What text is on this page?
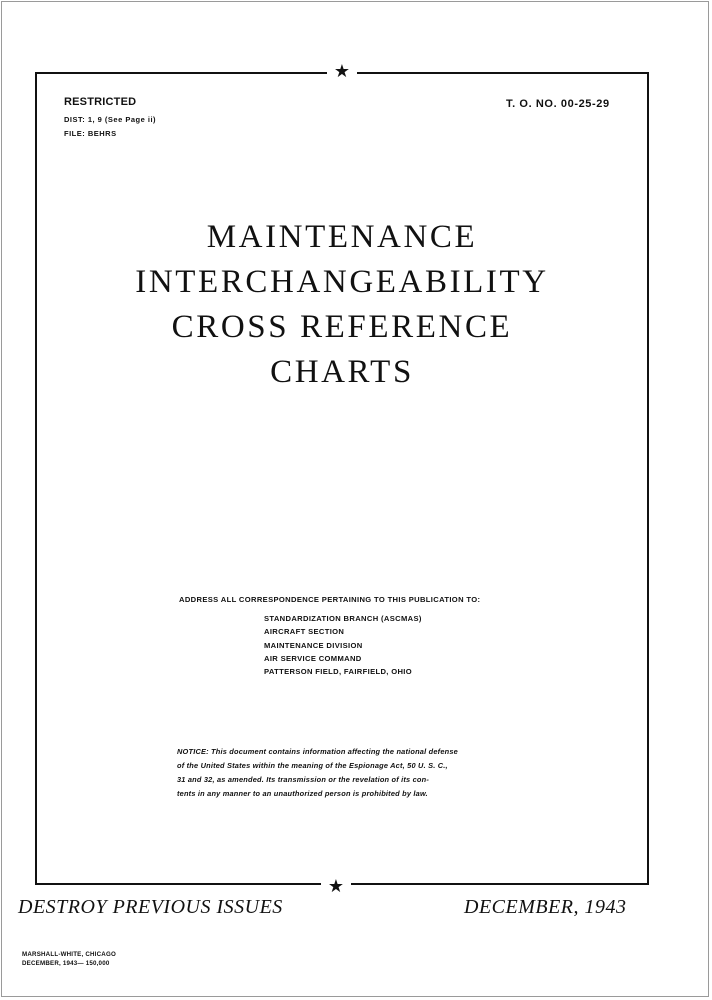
★
★
RESTRICTED
DIST: 1, 9 (See Page ii)
FILE: BEHRS
T. O. NO. 00-25-29
MAINTENANCE
INTERCHANGEABILITY
CROSS REFERENCE
CHARTS
ADDRESS ALL CORRESPONDENCE PERTAINING TO THIS PUBLICATION TO:
STANDARDIZATION BRANCH (ASCMAS)
AIRCRAFT SECTION
MAINTENANCE DIVISION
AIR SERVICE COMMAND
PATTERSON FIELD, FAIRFIELD, OHIO
NOTICE: This document contains information affecting the national defense
of the United States within the meaning of the Espionage Act, 50 U. S. C.,
31 and 32, as amended. Its transmission or the revelation of its con-
tents in any manner to an unauthorized person is prohibited by law.
DESTROY PREVIOUS ISSUES	DECEMBER, 1943
MARSHALL-WHITE, CHICAGO
DECEMBER, 1943— 150,000
